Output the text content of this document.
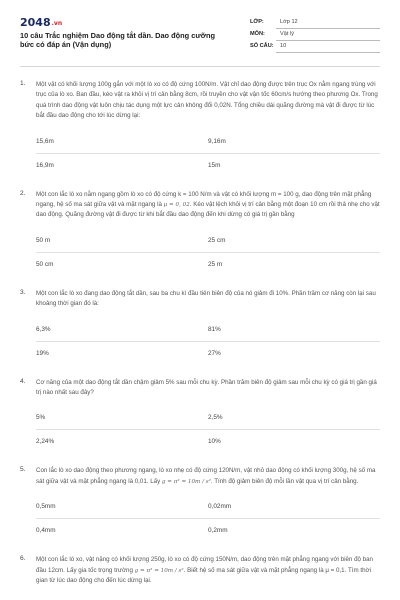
2048.vn
10 câu Trắc nghiệm Dao động tắt dần. Dao động cưỡng bức có đáp án (Vận dụng)
LỚP:	Lớp 12
MÔN:	Vật lý
SỐ CÂU:	10
1. Một vật có khối lượng 100g gắn với một lò xo có độ cứng 100N/m. Vật chỉ dao động được trên trục Ox nằm ngang trùng với trục của lò xo. Ban đầu, kéo vật ra khỏi vị trí cân bằng 8cm, rồi truyền cho vật vận tốc 60cm/s hướng theo phương Ox. Trong quá trình dao động vật luôn chịu tác dụng một lực cản không đổi 0,02N. Tổng chiều dài quãng đường mà vật đi được từ lúc bắt đầu dao động cho tới lúc dừng lại:
15,6m	9,16m
16,9m	15m
2. Một con lắc lò xo nằm ngang gồm lò xo có độ cứng k = 100 N/m và vật có khối lượng m = 100 g, dao động trên mặt phẳng ngang, hệ số ma sát giữa vật và mặt ngang là μ = 0, 02. Kéo vật lệch khỏi vị trí cân bằng một đoạn 10 cm rồi thả nhẹ cho vật dao động. Quãng đường vật đi được từ khi bắt đầu dao động đến khi dừng có giá trị gần bằng
50 m	25 cm
50 cm	25 m
3. Một con lắc lò xo đang dao động tắt dần, sau ba chu kì đầu tiên biên độ của nó giảm đi 10%. Phần trăm cơ năng còn lại sau khoảng thời gian đó là:
6,3%	81%
19%	27%
4. Cơ năng của một dao động tắt dần chậm giảm 5% sau mỗi chu kỳ. Phần trăm biên độ giảm sau mỗi chu kỳ có giá trị gần giá trị nào nhất sau đây?
5%	2,5%
2,24%	10%
5. Con lắc lò xo dao động theo phương ngang, lò xo nhẹ có độ cứng 120N/m, vật nhỏ dao động có khối lượng 300g, hệ số ma sát giữa vật và mặt phẳng ngang là 0,01. Lấy g = π² = 10m / s². Tính độ giảm biên độ mỗi lần vật qua vị trí cân bằng.
0,5mm	0,02mm
0,4mm	0,2mm
6. Một con lắc lò xo, vật nặng có khối lượng 250g, lò xo có độ cứng 150N/m, dao động trên mặt phẳng ngang với biên độ ban đầu 12cm. Lấy gia tốc trọng trường g = π² = 10m / s². Biết hệ số ma sát giữa vật và mặt phẳng ngang là μ = 0,1. Tìm thời gian từ lúc dao động cho đến lúc dừng lại.
